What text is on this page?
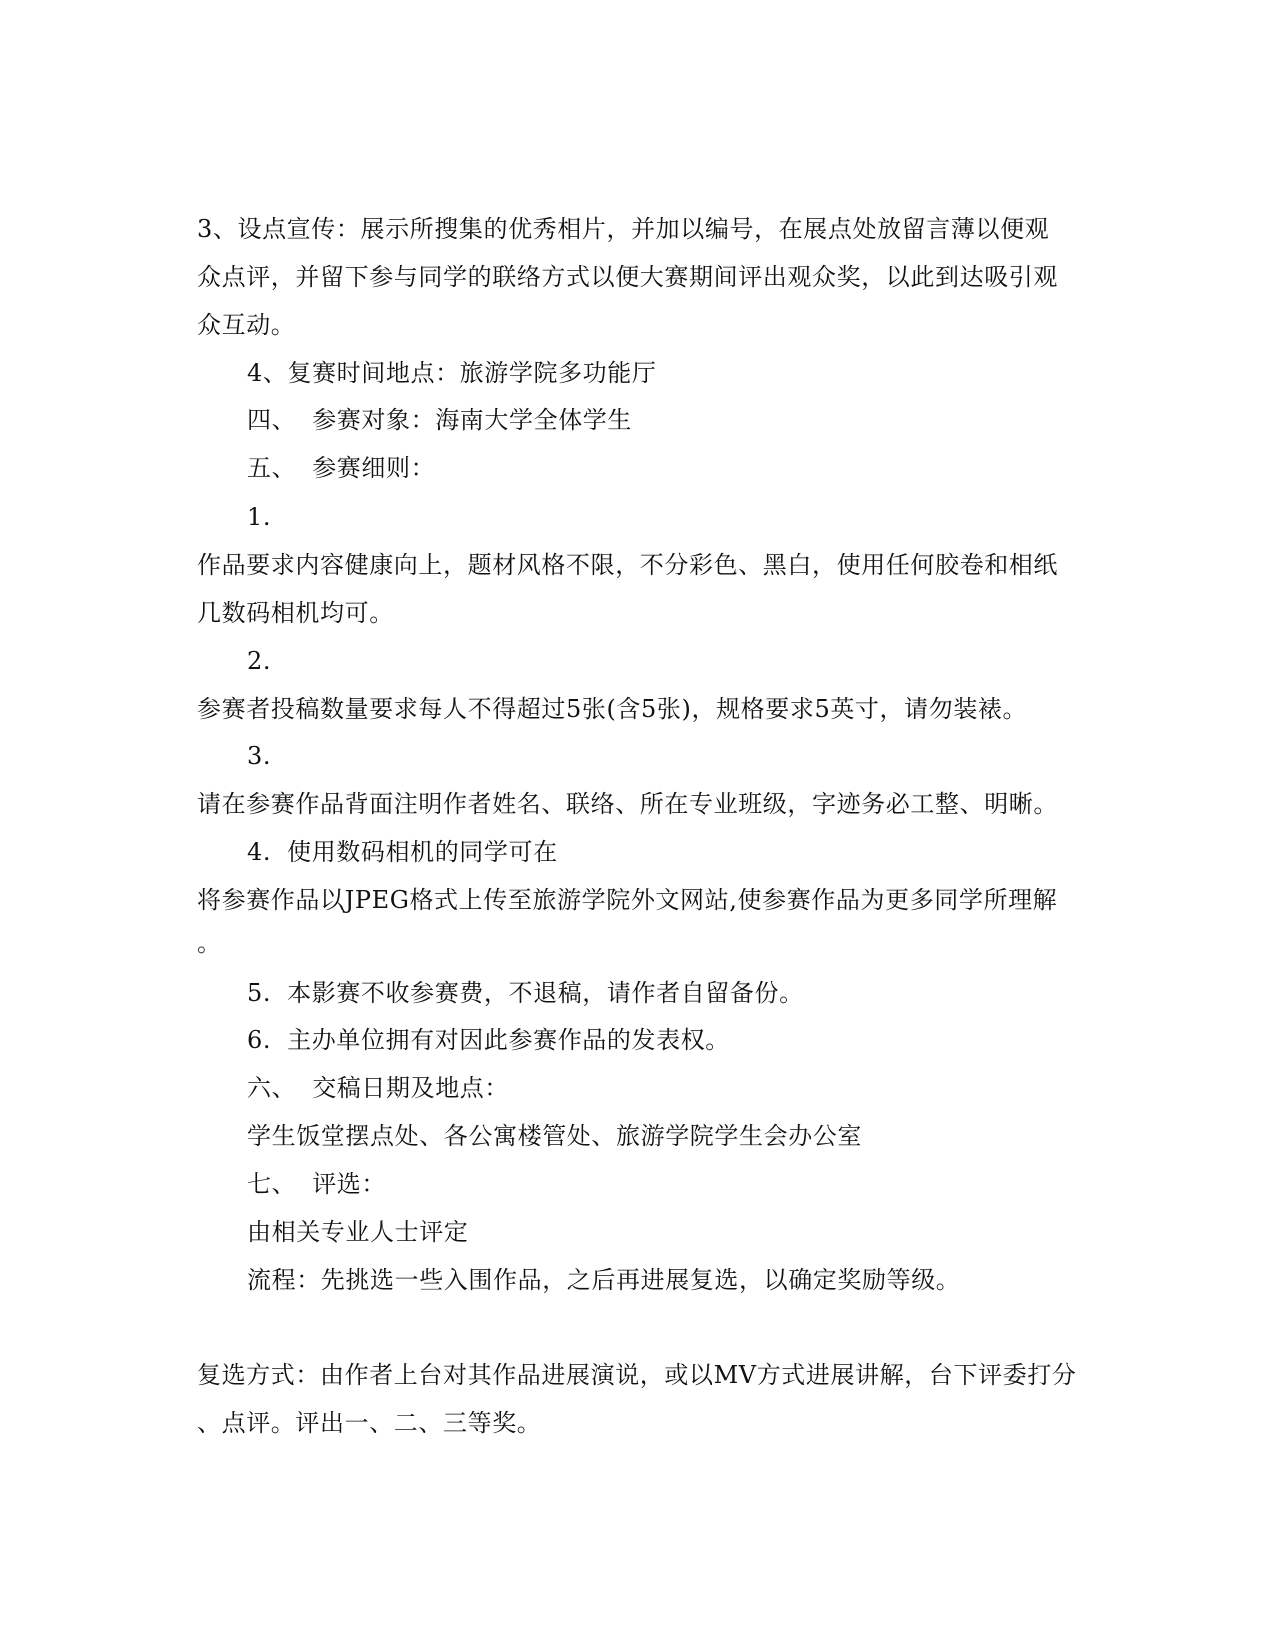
3、设点宣传：展示所搜集的优秀相片，并加以编号，在展点处放留言薄以便观
众点评，并留下参与同学的联络方式以便大赛期间评出观众奖，以此到达吸引观
众互动。
4、复赛时间地点：旅游学院多功能厅
四、 参赛对象：海南大学全体学生
五、 参赛细则：
1.
作品要求内容健康向上，题材风格不限，不分彩色、黑白，使用任何胶卷和相纸
几数码相机均可。
2.
参赛者投稿数量要求每人不得超过5张(含5张)，规格要求5英寸，请勿装裱。
3.
请在参赛作品背面注明作者姓名、联络、所在专业班级，字迹务必工整、明晰。
4. 使用数码相机的同学可在
将参赛作品以JPEG格式上传至旅游学院外文网站,使参赛作品为更多同学所理解
。
5. 本影赛不收参赛费，不退稿，请作者自留备份。
6. 主办单位拥有对因此参赛作品的发表权。
六、 交稿日期及地点：
学生饭堂摆点处、各公寓楼管处、旅游学院学生会办公室
七、 评选：
由相关专业人士评定
流程：先挑选一些入围作品，之后再进展复选，以确定奖励等级。
复选方式：由作者上台对其作品进展演说，或以MV方式进展讲解，台下评委打分
、点评。评出一、二、三等奖。
